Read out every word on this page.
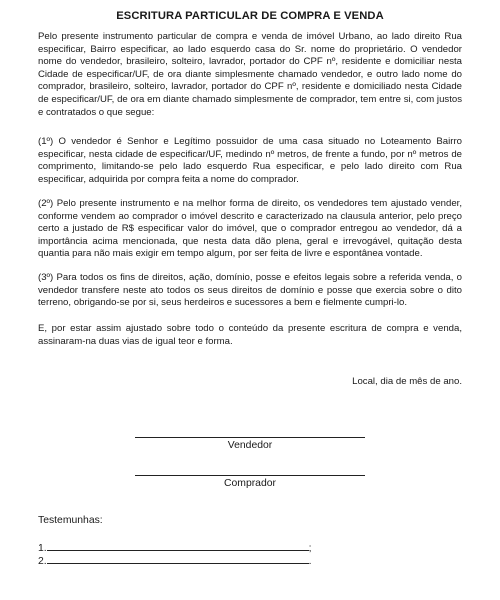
ESCRITURA PARTICULAR DE COMPRA E VENDA

Pelo presente instrumento particular de compra e venda de imóvel Urbano, ao lado direito Rua especificar, Bairro especificar, ao lado esquerdo casa do Sr. nome do proprietário. O vendedor nome do vendedor, brasileiro, solteiro, lavrador, portador do CPF nº, residente e domiciliar nesta Cidade de especificar/UF, de ora diante simplesmente chamado vendedor, e outro lado nome do comprador, brasileiro, solteiro, lavrador, portador do CPF nº, residente e domiciliado nesta Cidade de especificar/UF, de ora em diante chamado simplesmente de comprador, tem entre si, com justos e contratados o que segue:

(1º) O vendedor é Senhor e Legítimo possuidor de uma casa situado no Loteamento Bairro especificar, nesta cidade de especificar/UF, medindo nº metros, de frente a fundo, por nº metros de comprimento, limitando-se pelo lado esquerdo Rua especificar, e pelo lado direito com Rua especificar, adquirida por compra feita a nome do comprador.

(2º) Pelo presente instrumento e na melhor forma de direito, os vendedores tem ajustado vender, conforme vendem ao comprador o imóvel descrito e caracterizado na clausula anterior, pelo preço certo a justado de R$ especificar valor do imóvel, que o comprador entregou ao vendedor, dá a importância acima mencionada, que nesta data dão plena, geral e irrevogável, quitação desta quantia para não mais exigir em tempo algum, por ser feita de livre e espontânea vontade.

(3º) Para todos os fins de direitos, ação, domínio, posse e efeitos legais sobre a referida venda, o vendedor transfere neste ato todos os seus direitos de domínio e posse que exercia sobre o dito terreno, obrigando-se por si, seus herdeiros e sucessores a bem e fielmente cumpri-lo.

E, por estar assim ajustado sobre todo o conteúdo da presente escritura de compra e venda, assinaram-na duas vias de igual teor e forma.

Local, dia de mês de ano.
Vendedor
Comprador
Testemunhas:
1.	;
2.	.
